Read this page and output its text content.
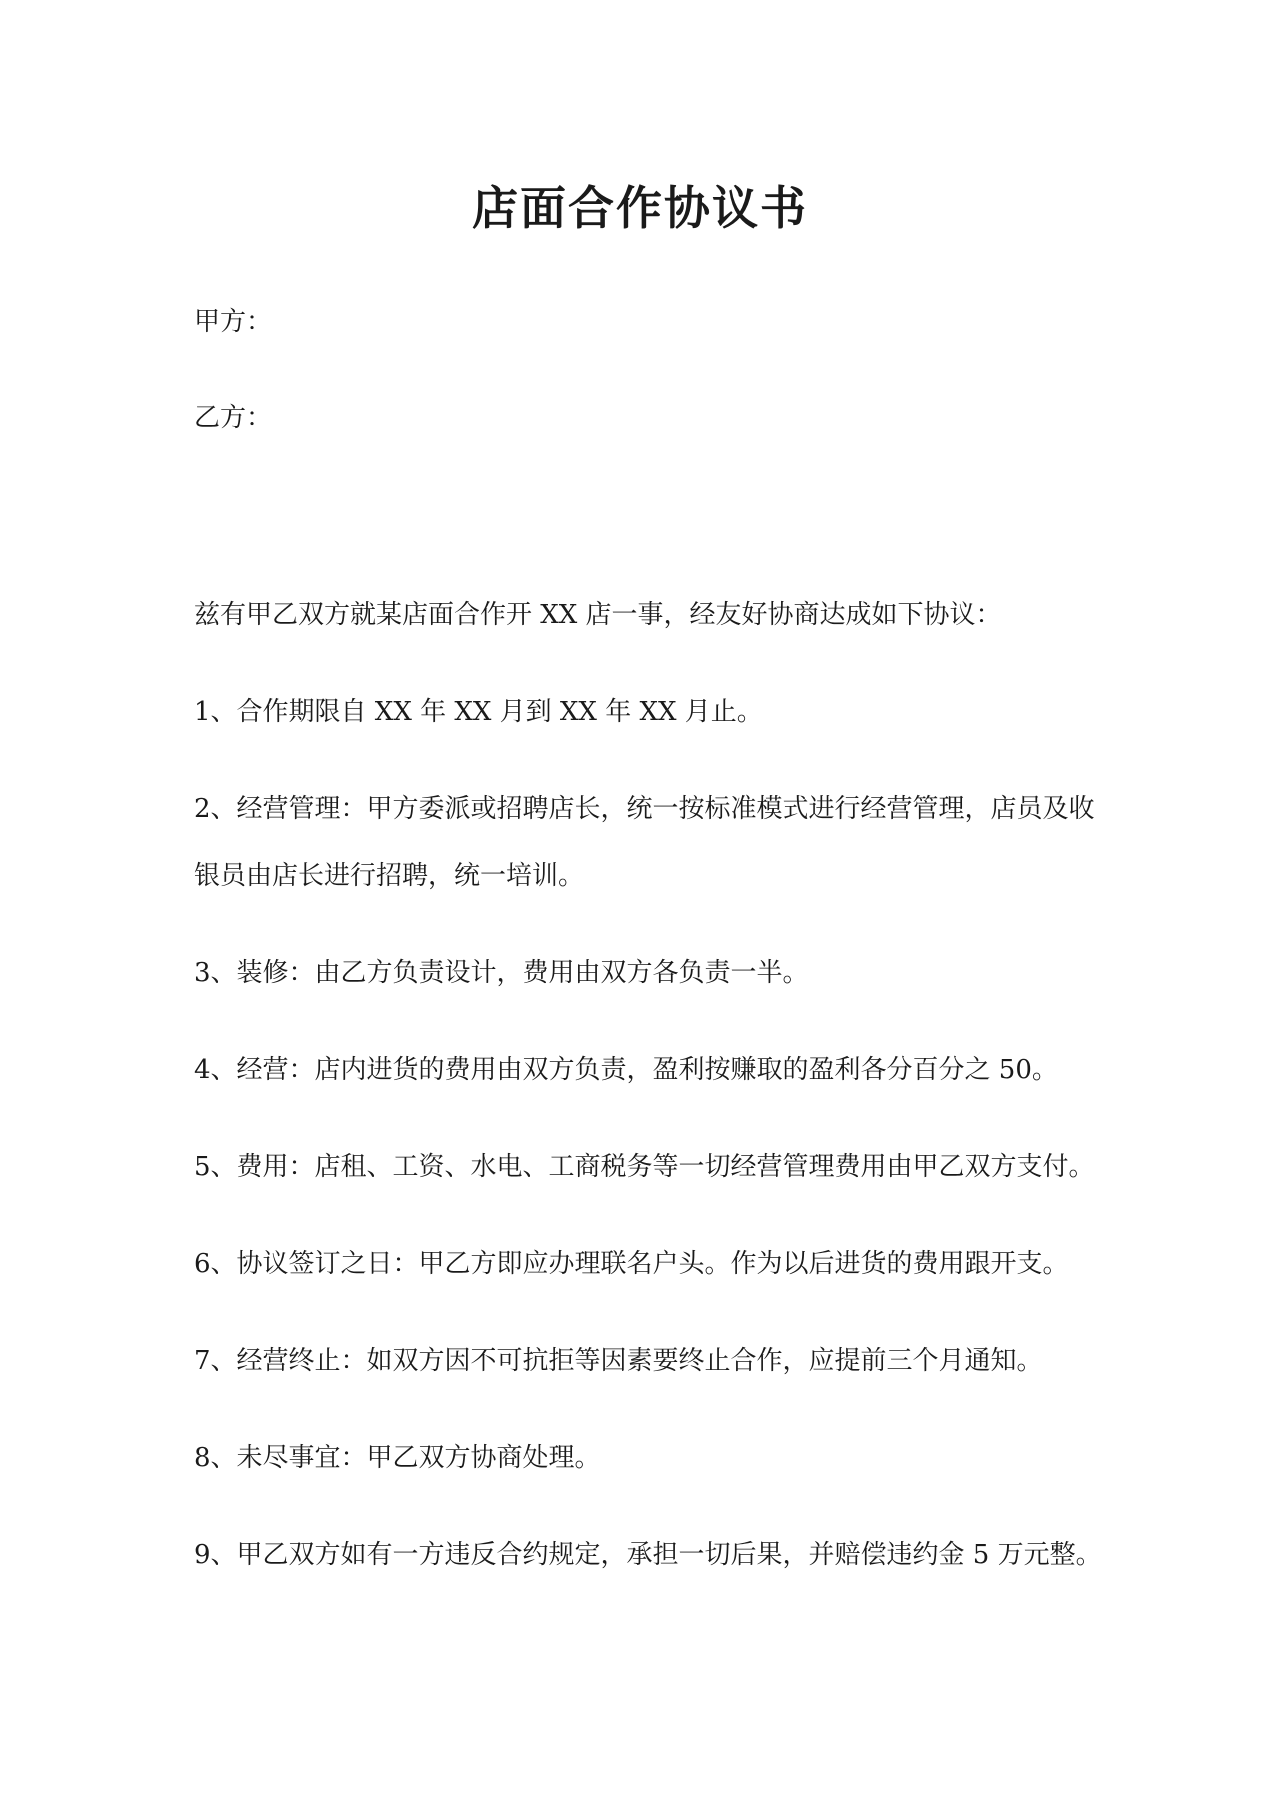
店面合作协议书
甲方：
乙方：
兹有甲乙双方就某店面合作开 XX 店一事，经友好协商达成如下协议：
1、合作期限自 XX 年 XX 月到 XX 年 XX 月止。
2、经营管理：甲方委派或招聘店长，统一按标准模式进行经营管理，店员及收
银员由店长进行招聘，统一培训。
3、装修：由乙方负责设计，费用由双方各负责一半。
4、经营：店内进货的费用由双方负责，盈利按赚取的盈利各分百分之 50。
5、费用：店租、工资、水电、工商税务等一切经营管理费用由甲乙双方支付。
6、协议签订之日：甲乙方即应办理联名户头。作为以后进货的费用跟开支。
7、经营终止：如双方因不可抗拒等因素要终止合作，应提前三个月通知。
8、未尽事宜：甲乙双方协商处理。
9、甲乙双方如有一方违反合约规定，承担一切后果，并赔偿违约金 5 万元整。
